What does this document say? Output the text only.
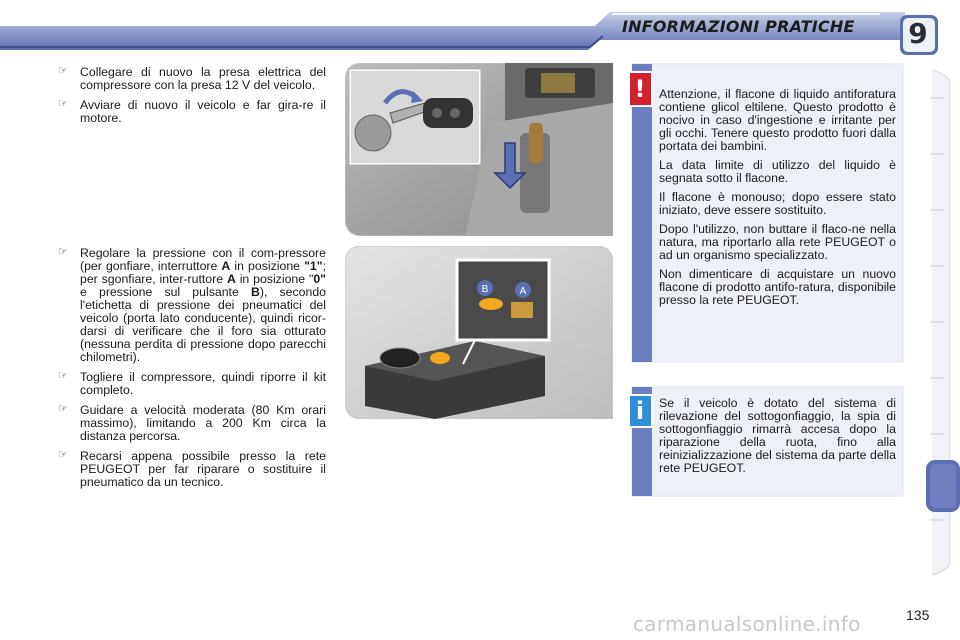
INFORMAZIONI PRATICHE	9
☞ Collegare di nuovo la presa elettrica del compressore con la presa 12 V del veicolo.
☞ Avviare di nuovo il veicolo e far gira-re il motore.
☞ Regolare la pressione con il com-pressore (per gonfiare, interruttore A in posizione "1"; per sgonfiare, inter-ruttore A in posizione "0" e pressione sul pulsante B), secondo l'etichetta di pressione dei pneumatici del veicolo (porta lato conducente), quindi ricor-darsi di verificare che il foro sia otturato (nessuna perdita di pressione dopo parecchi chilometri).
☞ Togliere il compressore, quindi riporre il kit completo.
☞ Guidare a velocità moderata (80 Km orari massimo), limitando a 200 Km circa la distanza percorsa.
☞ Recarsi appena possibile presso la rete PEUGEOT per far riparare o sostituire il pneumatico da un tecnico.
B	A
!	Attenzione, il flacone di liquido antiforatura contiene glicol eltilene. Questo prodotto è nocivo in caso d'ingestione e irritante per gli occhi. Tenere questo prodotto fuori dalla portata dei bambini.

La data limite di utilizzo del liquido è segnata sotto il flacone.

Il flacone è monouso; dopo essere stato iniziato, deve essere sostituito.

Dopo l'utilizzo, non buttare il flaco-ne nella natura, ma riportarlo alla rete PEUGEOT o ad un organismo specializzato.

Non dimenticare di acquistare un nuovo flacone di prodotto antifo-ratura, disponibile presso la rete PEUGEOT.

i	Se il veicolo è dotato del sistema di rilevazione del sottogonfiaggio, la spia di sottogonfiaggio rimarrà accesa dopo la riparazione della ruota, fino alla reinizializzazione del sistema da parte della rete PEUGEOT.
135
carmanualsonline.info
